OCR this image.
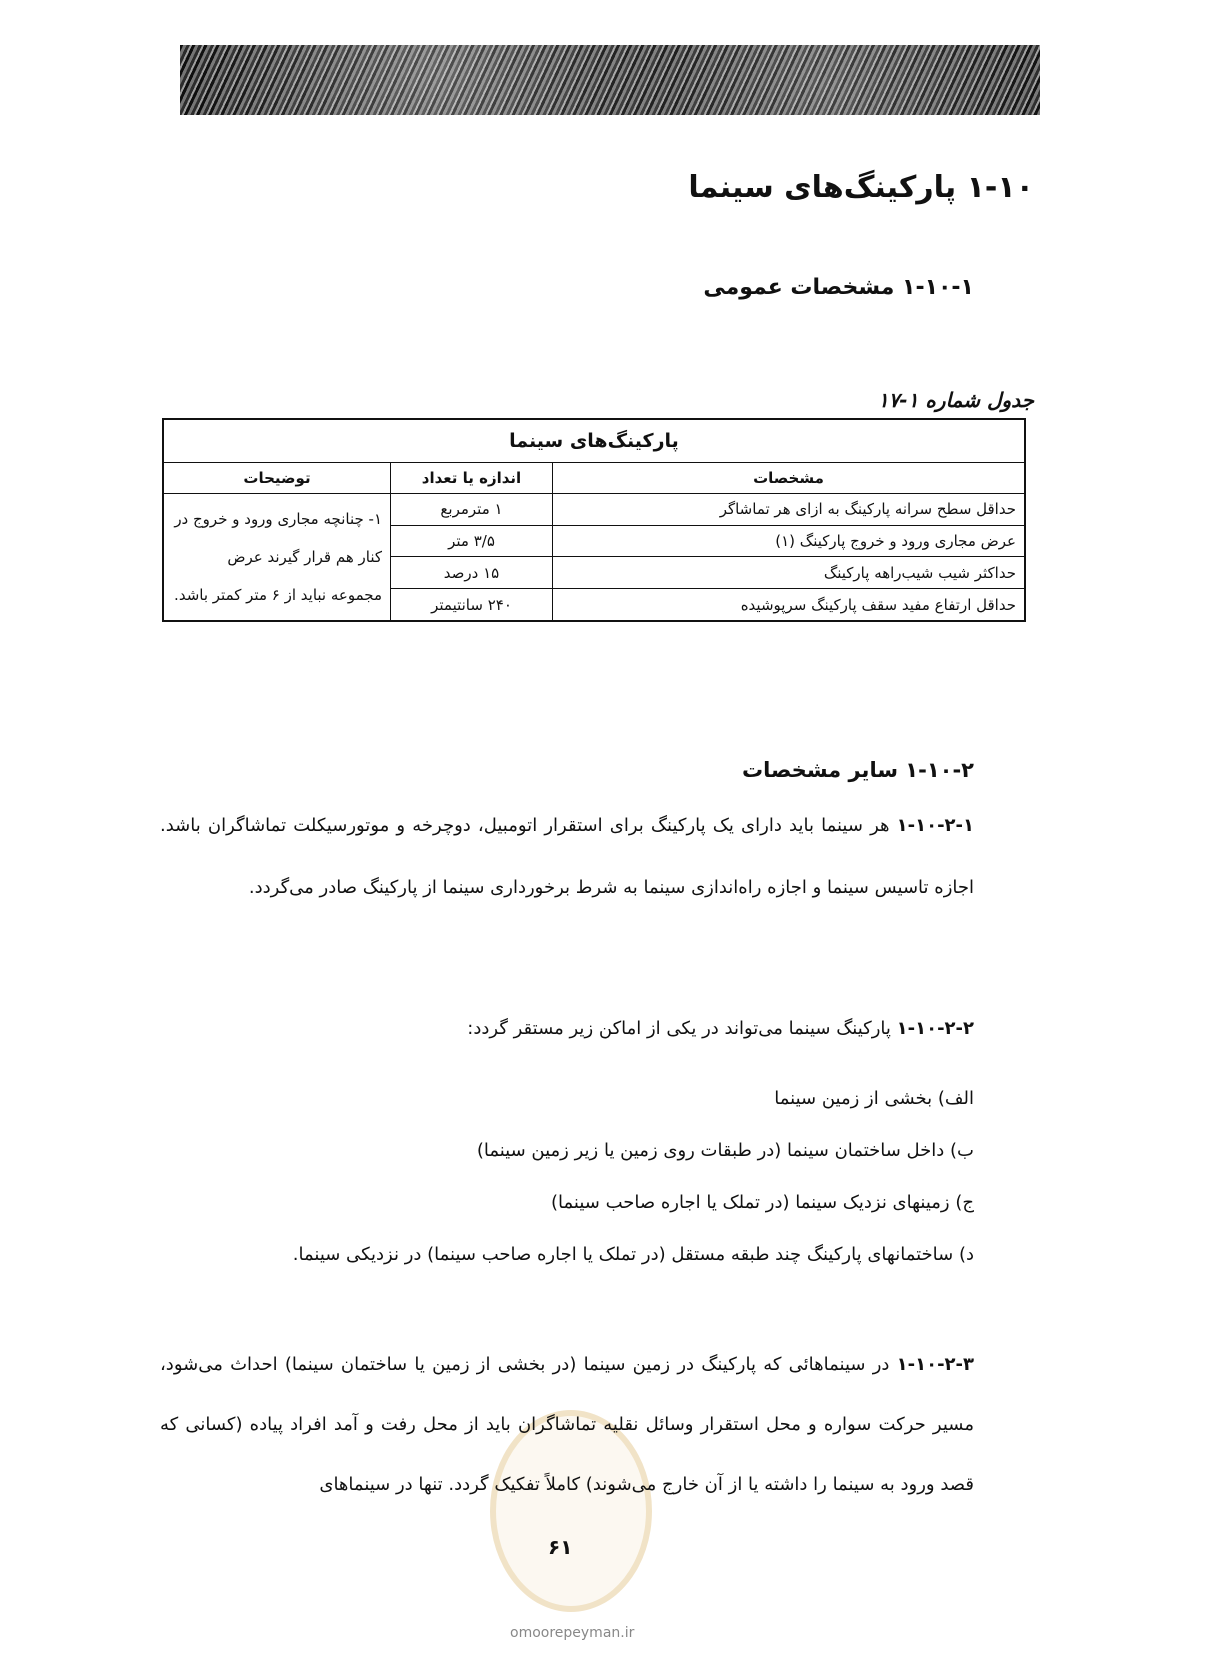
۱-۱۰ پارکینگ‌های سینما
۱-۱۰-۱ مشخصات عمومی
جدول شماره ۱-۱۷
پارکینگ‌های سینما		
مشخصات	اندازه یا تعداد	توضیحات
حداقل سطح سرانه پارکینگ به ازای هر تماشاگر	۱ مترمربع	۱- چنانچه مجاری ورود و خروج در کنار هم قرار گیرند عرض مجموعه نباید از ۶ متر کمتر باشد.
عرض مجاری ورود و خروج پارکینگ (۱)	۳/۵ متر	
حداکثر شیب شیب‌راهه پارکینگ	۱۵ درصد	
حداقل ارتفاع مفید سقف پارکینگ سرپوشیده	۲۴۰ سانتیمتر	
۱-۱۰-۲ سایر مشخصات
۱-۱۰-۲-۱ هر سینما باید دارای یک پارکینگ برای استقرار اتومبیل، دوچرخه و موتورسیکلت تماشاگران باشد. اجازه تاسیس سینما و اجازه راه‌اندازی سینما به شرط برخورداری سینما از پارکینگ صادر می‌گردد.
۱-۱۰-۲-۲ پارکینگ سینما می‌تواند در یکی از اماکن زیر مستقر گردد:
الف) بخشی از زمین سینما
ب) داخل ساختمان سینما (در طبقات روی زمین یا زیر زمین سینما)
ج) زمینهای نزدیک سینما (در تملک یا اجاره صاحب سینما)
د) ساختمانهای پارکینگ چند طبقه مستقل (در تملک یا اجاره صاحب سینما) در نزدیکی سینما.
۱-۱۰-۲-۳ در سینماهائی که پارکینگ در زمین سینما (در بخشی از زمین یا ساختمان سینما) احداث می‌شود، مسیر حرکت سواره و محل استقرار وسائل نقلیه تماشاگران باید از محل رفت و آمد افراد پیاده (کسانی که قصد ورود به سینما را داشته یا از آن خارج می‌شوند) کاملاً تفکیک گردد. تنها در سینماهای
۶۱
omoorepeyman.ir
